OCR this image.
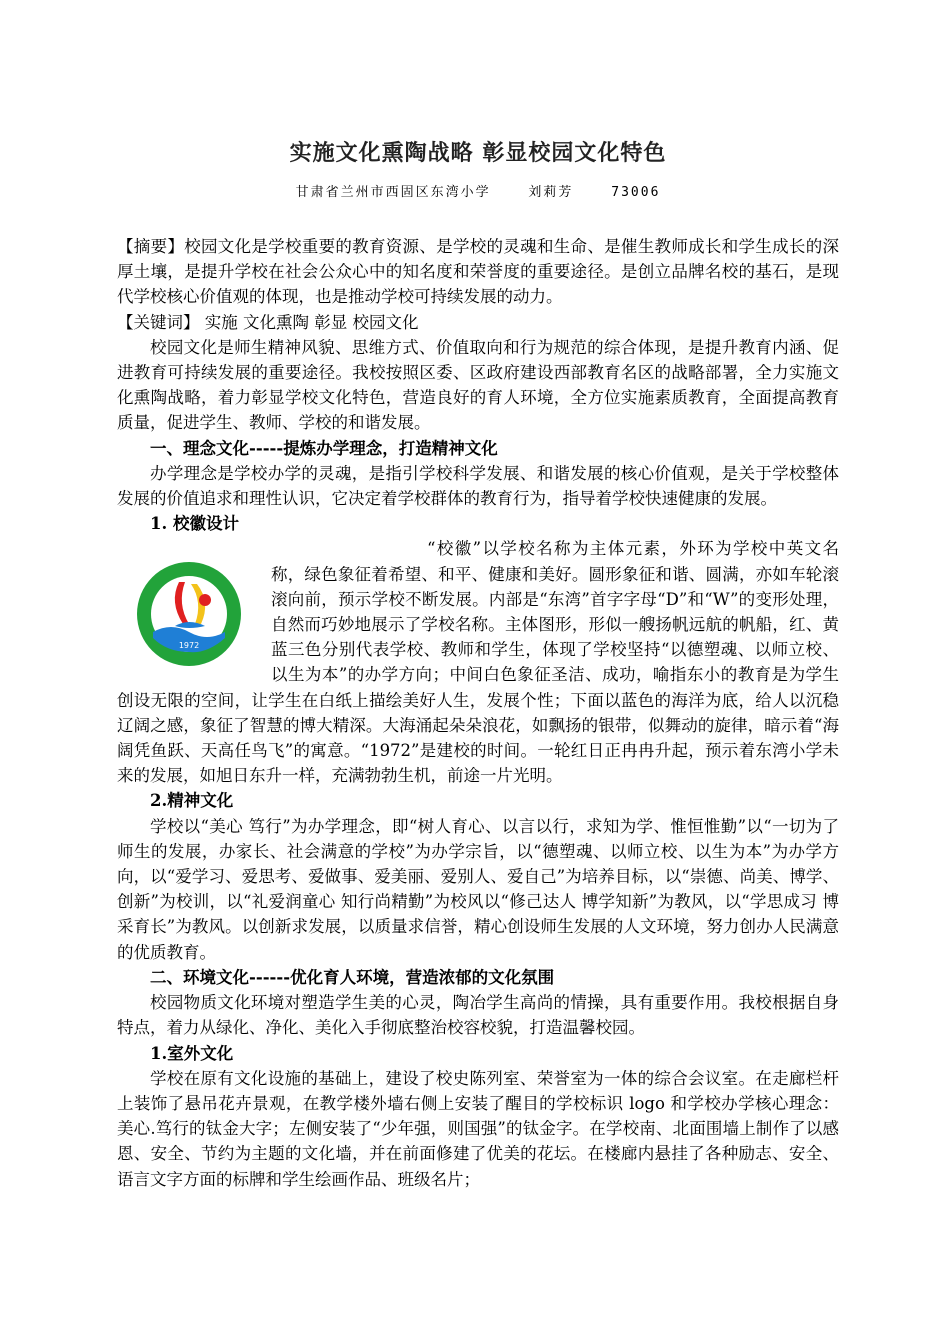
实施文化熏陶战略 彰显校园文化特色
甘肃省兰州市西固区东湾小学	刘莉芳	73006

【摘要】校园文化是学校重要的教育资源、是学校的灵魂和生命、是催生教师成长和学生成长的深厚土壤，是提升学校在社会公众心中的知名度和荣誉度的重要途径。是创立品牌名校的基石，是现代学校核心价值观的体现，也是推动学校可持续发展的动力。

【关键词】 实施 文化熏陶 彰显 校园文化

校园文化是师生精神风貌、思维方式、价值取向和行为规范的综合体现，是提升教育内涵、促进教育可持续发展的重要途径。我校按照区委、区政府建设西部教育名区的战略部署，全力实施文化熏陶战略，着力彰显学校文化特色，营造良好的育人环境，全方位实施素质教育，全面提高教育质量，促进学生、教师、学校的和谐发展。

一、理念文化-----提炼办学理念，打造精神文化

办学理念是学校办学的灵魂，是指引学校科学发展、和谐发展的核心价值观，是关于学校整体发展的价值追求和理性认识，它决定着学校群体的教育行为，指导着学校快速健康的发展。

1. 校徽设计

1972

“校徽”以学校名称为主体元素，外环为学校中英文名称，绿色象征着希望、和平、健康和美好。圆形象征和谐、圆满，亦如车轮滚滚向前，预示学校不断发展。内部是“东湾”首字字母“D”和“W”的变形处理，自然而巧妙地展示了学校名称。主体图形，形似一艘扬帆远航的帆船，红、黄蓝三色分别代表学校、教师和学生，体现了学校坚持“以德塑魂、以师立校、以生为本”的办学方向；中间白色象征圣洁、成功，喻指东小的教育是为学生创设无限的空间，让学生在白纸上描绘美好人生，发展个性；下面以蓝色的海洋为底，给人以沉稳辽阔之感，象征了智慧的博大精深。大海涌起朵朵浪花，如飘扬的银带，似舞动的旋律，暗示着“海阔凭鱼跃、天高任鸟飞”的寓意。“1972”是建校的时间。一轮红日正冉冉升起，预示着东湾小学未来的发展，如旭日东升一样，充满勃勃生机，前途一片光明。

2.精神文化

学校以“美心 笃行”为办学理念，即“树人育心、以言以行，求知为学、惟恒惟勤”以“一切为了师生的发展，办家长、社会满意的学校”为办学宗旨，以“德塑魂、以师立校、以生为本”为办学方向，以“爱学习、爱思考、爱做事、爱美丽、爱别人、爱自己”为培养目标，以“崇德、尚美、博学、创新”为校训，以“礼爱润童心 知行尚精勤”为校风以“修己达人 博学知新”为教风，以“学思成习 博采育长”为教风。以创新求发展，以质量求信誉，精心创设师生发展的人文环境，努力创办人民满意的优质教育。

二、环境文化------优化育人环境，营造浓郁的文化氛围

校园物质文化环境对塑造学生美的心灵，陶冶学生高尚的情操，具有重要作用。我校根据自身特点，着力从绿化、净化、美化入手彻底整治校容校貌，打造温馨校园。

1.室外文化

学校在原有文化设施的基础上，建设了校史陈列室、荣誉室为一体的综合会议室。在走廊栏杆上装饰了悬吊花卉景观，在教学楼外墙右侧上安装了醒目的学校标识 logo 和学校办学核心理念：美心.笃行的钛金大字；左侧安装了“少年强，则国强”的钛金字。在学校南、北面围墙上制作了以感恩、安全、节约为主题的文化墙，并在前面修建了优美的花坛。在楼廊内悬挂了各种励志、安全、语言文字方面的标牌和学生绘画作品、班级名片；
